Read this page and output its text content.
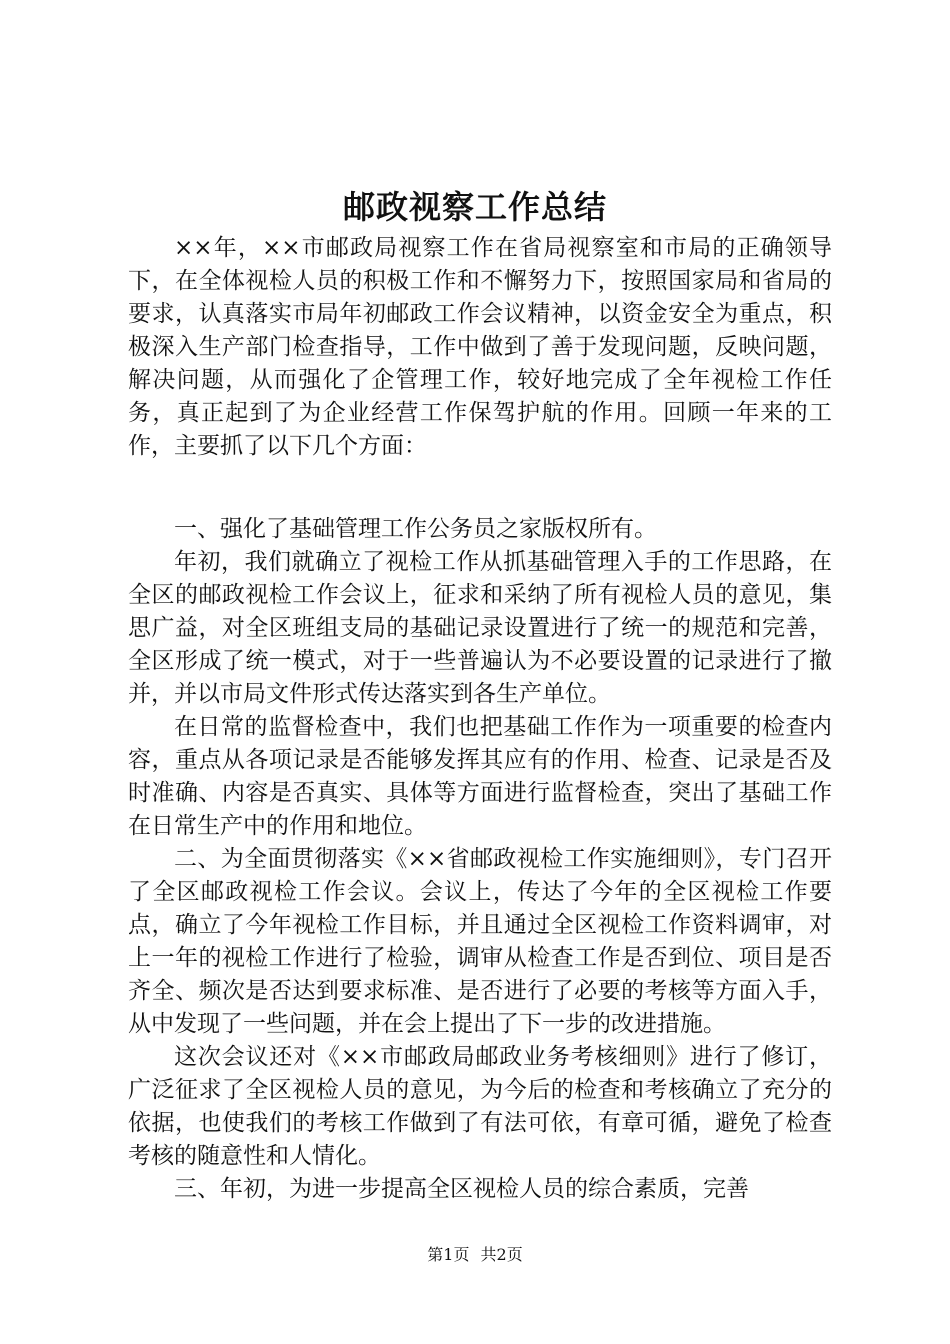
邮政视察工作总结

××年，××市邮政局视察工作在省局视察室和市局的正确领导下，在全体视检人员的积极工作和不懈努力下，按照国家局和省局的要求，认真落实市局年初邮政工作会议精神，以资金安全为重点，积极深入生产部门检查指导，工作中做到了善于发现问题，反映问题，解决问题，从而强化了企管理工作，较好地完成了全年视检工作任务，真正起到了为企业经营工作保驾护航的作用。回顾一年来的工作，主要抓了以下几个方面：

一、强化了基础管理工作公务员之家版权所有。

年初，我们就确立了视检工作从抓基础管理入手的工作思路，在全区的邮政视检工作会议上，征求和采纳了所有视检人员的意见，集思广益，对全区班组支局的基础记录设置进行了统一的规范和完善，全区形成了统一模式，对于一些普遍认为不必要设置的记录进行了撤并，并以市局文件形式传达落实到各生产单位。

在日常的监督检查中，我们也把基础工作作为一项重要的检查内容，重点从各项记录是否能够发挥其应有的作用、检查、记录是否及时准确、内容是否真实、具体等方面进行监督检查，突出了基础工作在日常生产中的作用和地位。

二、为全面贯彻落实《××省邮政视检工作实施细则》，专门召开了全区邮政视检工作会议。会议上，传达了今年的全区视检工作要点，确立了今年视检工作目标，并且通过全区视检工作资料调审，对上一年的视检工作进行了检验，调审从检查工作是否到位、项目是否齐全、频次是否达到要求标准、是否进行了必要的考核等方面入手，从中发现了一些问题，并在会上提出了下一步的改进措施。

这次会议还对《××市邮政局邮政业务考核细则》进行了修订，广泛征求了全区视检人员的意见，为今后的检查和考核确立了充分的依据，也使我们的考核工作做到了有法可依，有章可循，避免了检查考核的随意性和人情化。

三、年初，为进一步提高全区视检人员的综合素质，完善

第1页 共2页
